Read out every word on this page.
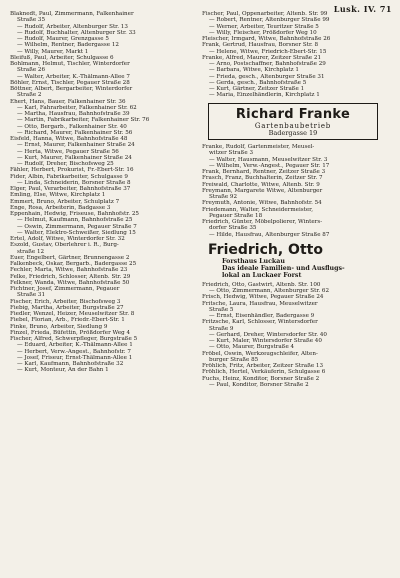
Lusk. IV. 71
Blaknedt, Paul, Zimmermann, Falkenhainer
Straße 35
— Rudolf, Arbeiter, Altenburger Str. 13
— Rudolf, Buchhalter, Altenburger Str. 33
— Rudolf, Maurer, Grenzgasse 5
— Wilhelm, Rentner, Badergasse 12
— Willy, Maurer, Markt 1
Bleifuß, Paul, Arbeiter, Schulgasse 6
Bohlmann, Helmut, Tischler, Winterdorfer
Straße 26
— Walter, Arbeiter, K.-Thälmann-Allee 7
Böhler, Ernst, Tischler, Pegauer Straße 28
Böttner, Albert, Bergarbeiter, Winterdorfer
Straße 2
Ehert, Hans, Bauer, Falkenhainer Str. 36
— Karl, Fahrarbeiter, Falkenhainer Str. 62
— Martha, Hausfrau, Bahnhofstraße 39
— Martin, Fabrikarbeiter, Falkenhainer Str. 76
— Otto, Bergarb., Falkenhainer Str. 40
— Richard, Maurer, Falkenhainer Str. 56
Eisfeld, Hanna, Witwe, Bahnhofstraße 48
— Ernst, Maurer, Falkenhainer Straße 24
— Herta, Witwe, Pegauer Straße 56
— Kurt, Maurer, Falkenhainer Straße 24
— Rudolf, Dreher, Bischofsweg 25
Fähler, Herbert, Prokurist, Fr.-Ebert-Str. 16
Fider, Albin, Fabrikarbeiter, Schulgasse 9
— Linda, Schneiderin, Borsner Straße 8
Elger, Paul, Verarbeiter, Bahnhofstraße 37
Emling, Else, Witwe, Kirchplatz 1
Emmert, Bruno, Arbeiter, Schulplatz 7
Enge, Rosa, Arbeiterin, Badgasse 3
Eppenhain, Hedwig, Friseuse, Bahnhofstr. 25
— Helmut, Kaufmann, Bahnhofstraße 25
— Oswin, Zimmermann, Pegauer Straße 7
— Walter, Elektro-Schweißer, Siedlung 15
Ertel, Adolf, Witwe, Winterdorfer Str. 32
Eszold, Gustav, Oberlehrer i. R., Burg-
straße 12
Euer, Engelbert, Gärtner, Brunnengasse 2
Falkenbeck, Oskar, Bergarb., Badergasse 25
Fechler, Marta, Witwe, Bahnhofstraße 23
Felke, Friedrich, Schlosser, Altenb. Str. 29
Felkner, Wanda, Witwe, Bahnhofstraße 50
Fichtner, Josef, Zimmermann, Pegauer
Straße 31
Fischer, Erich, Arbeiter, Bischofsweg 3
Fiebig, Martha, Arbeiter, Burgstraße 27
Fiedler, Wenzel, Heizer, Meuselwitzer Str. 8
Fiebel, Florian, Arb., Friedr.-Ebert-Str. 1
Finke, Bruno, Arbeiter, Siedlung 9
Finzel, Frieda, Büfettin, Prößdorfer Weg 4
Fischer, Alfred, Schwerpfleger, Burgstraße 5
— Eduard, Arbeiter, K.-Thälmann-Allee 1
— Herbert, Verw.-Angest., Bahnhofstr. 7
— Josef, Friseur, Ernst-Thälmann-Allee 1
— Karl, Kaufmann, Bahnhofstraße 32
— Kurt, Monteur, An der Bahn 1
Fischer, Paul, Oppenarbeiter, Altenb. Str. 99
— Robert, Rentner, Altenburger Straße 99
— Werner, Arbeiter, Teuritzer Straße 5
— Willy, Fleischer, Prößdorfer Weg 10
Fleischer, Irmgard, Witwe, Bahnhofstraße 26
Frank, Gertrud, Hausfrau, Borsner Str. 8
— Helene, Witwe, Friedrich-Ebert-Str. 15
Franke, Alfred, Maurer, Zeitzer Straße 21
— Arno, Postschaffner, Bahnhofstraße 29
— Barbara, Witwe, Kirchplatz 1
— Frieda, gesch., Altenburger Straße 31
— Gerda, gesch., Bahnhofstraße 5
— Kurt, Gärtner, Zeitzer Straße 1
— Maria, Einzelhändlerin, Kirchplatz 1
Richard Franke
Gartenbaubetrieb
Badergasse 19
Franke, Rudolf, Gartenmeister, Meusel-
witzer Straße 3
— Walter, Hausmann, Meuselwitzer Str. 3
— Wilhelm, Verw.-Angest., Pegauer Str. 17
Frank, Bernhard, Rentner, Zeitzer Straße 3
Frasch, Franz, Buchhalterin, Zeitzer Str. 7
Freiwald, Charlotte, Witwe, Altenb. Str. 9
Freymann, Margarete Witwe, Altenburger
Straße 92
Freymuth, Antonie, Witwe, Bahnhofstr. 54
Friedemann, Walter, Schneidermeister,
Pegauer Straße 18
Friedrich, Günter, Möbelpolierer, Winters-
dorfer Straße 35
— Hilde, Hausfrau, Altenburger Straße 87
Friedrich, Otto
Forsthaus Luckau
Das ideale Familien- und Ausflugs-
lokal an Luckaer Forst
Friedrich, Otto, Gastwirt, Altenb. Str. 100
— Otto, Zimmermann, Altenburger Str. 62
Frisch, Hedwig, Witwe, Pegauer Straße 24
Fritsche, Laura, Hausfrau, Meuselwitzer
Straße 5
— Ernst, Eisenhändler, Badergasse 9
Fritzsche, Karl, Schlosser, Wintersdorfer
Straße 9
— Gerhard, Dreher, Wintersdorfer Str. 40
— Kurt, Maler, Wintersdorfer Straße 40
— Otto, Maurer, Burgstraße 4
Fröbel, Oswin, Werkzeugschleifer, Alten-
burger Straße 85
Fröhlich, Fritz, Arbeiter, Zeitzer Straße 13
Fröhlich, Hertel, Verkäuferin, Schulgasse 6
Fuchs, Heinz, Konditor, Borsner Straße 2
— Paul, Konditor, Borsner Straße 2
